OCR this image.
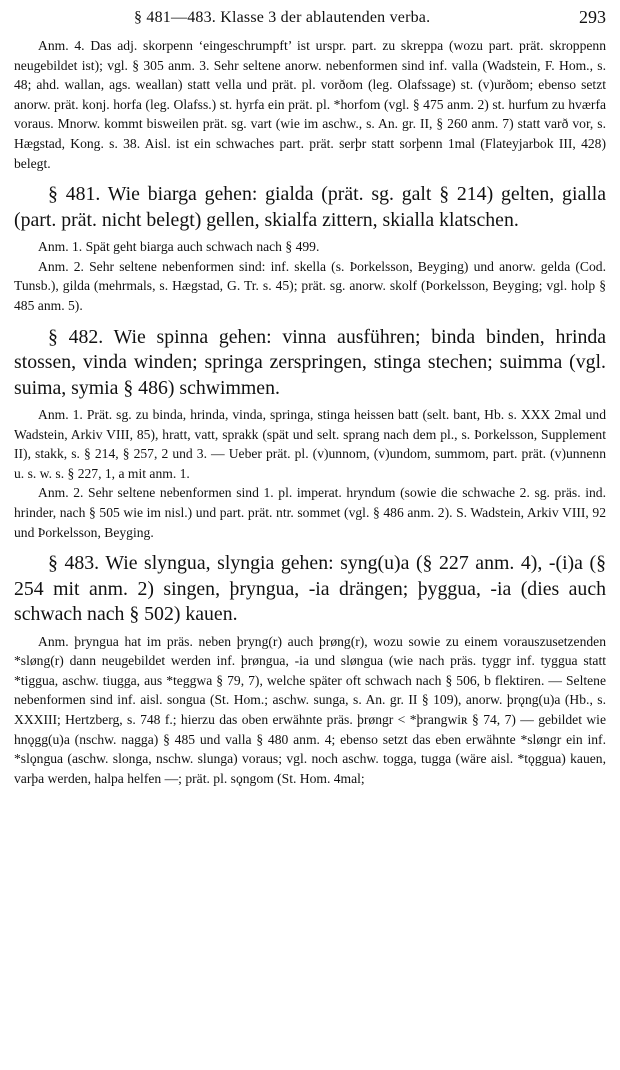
§ 481—483. Klasse 3 der ablautenden verba.	293

Anm. 4. Das adj. skorpenn ‘eingeschrumpft’ ist urspr. part. zu skreppa (wozu part. prät. skroppenn neugebildet ist); vgl. § 305 anm. 3. Sehr seltene anorw. nebenformen sind inf. valla (Wadstein, F. Hom., s. 48; ahd. wallan, ags. weallan) statt vella und prät. pl. vorðom (leg. Olafssage) st. (v)urðom; ebenso setzt anorw. prät. konj. horfa (leg. Olafss.) st. hyrfa ein prät. pl. *horfom (vgl. § 475 anm. 2) st. hurfum zu hværfa voraus. Mnorw. kommt bisweilen prät. sg. vart (wie im aschw., s. An. gr. II, § 260 anm. 7) statt varð vor, s. Hægstad, Kong. s. 38. Aisl. ist ein schwaches part. prät. serþr statt sorþenn 1mal (Flateyjarbok III, 428) belegt.

§ 481. Wie biarga gehen: gialda (prät. sg. galt § 214) gelten, gialla (part. prät. nicht belegt) gellen, skialfa zittern, skialla klatschen.

Anm. 1. Spät geht biarga auch schwach nach § 499.

Anm. 2. Sehr seltene nebenformen sind: inf. skella (s. Þorkelsson, Beyging) und anorw. gelda (Cod. Tunsb.), gilda (mehrmals, s. Hægstad, G. Tr. s. 45); prät. sg. anorw. skolf (Þorkelsson, Beyging; vgl. holp § 485 anm. 5).

§ 482. Wie spinna gehen: vinna ausführen; binda binden, hrinda stossen, vinda winden; springa zerspringen, stinga stechen; suimma (vgl. suima, symia § 486) schwimmen.

Anm. 1. Prät. sg. zu binda, hrinda, vinda, springa, stinga heissen batt (selt. bant, Hb. s. XXX 2mal und Wadstein, Arkiv VIII, 85), hratt, vatt, sprakk (spät und selt. sprang nach dem pl., s. Þorkelsson, Supplement II), stakk, s. § 214, § 257, 2 und 3. — Ueber prät. pl. (v)unnom, (v)undom, summom, part. prät. (v)unnenn u. s. w. s. § 227, 1, a mit anm. 1.

Anm. 2. Sehr seltene nebenformen sind 1. pl. imperat. hryndum (sowie die schwache 2. sg. präs. ind. hrinder, nach § 505 wie im nisl.) und part. prät. ntr. sommet (vgl. § 486 anm. 2). S. Wadstein, Arkiv VIII, 92 und Þorkelsson, Beyging.

§ 483. Wie slyngua, slyngia gehen: syng(u)a (§ 227 anm. 4), -(i)a (§ 254 mit anm. 2) singen, þryngua, -ia drängen; þyggua, -ia (dies auch schwach nach § 502) kauen.

Anm. þryngua hat im präs. neben þryng(r) auch þrøng(r), wozu sowie zu einem vorauszusetzenden *sløng(r) dann neugebildet werden inf. þrøngua, -ia und sløngua (wie nach präs. tyggr inf. tyggua statt *tiggua, aschw. tiugga, aus *teggwa § 79, 7), welche später oft schwach nach § 506, b flektiren. — Seltene nebenformen sind inf. aisl. songua (St. Hom.; aschw. sunga, s. An. gr. II § 109), anorw. þrǫng(u)a (Hb., s. XXXIII; Hertzberg, s. 748 f.; hierzu das oben erwähnte präs. þrøngr < *þrangwiʀ § 74, 7) — gebildet wie hnǫgg(u)a (nschw. nagga) § 485 und valla § 480 anm. 4; ebenso setzt das eben erwähnte *sløngr ein inf. *slǫngua (aschw. slonga, nschw. slunga) voraus; vgl. noch aschw. togga, tugga (wäre aisl. *tǫggua) kauen, varþa werden, halpa helfen —; prät. pl. sǫngom (St. Hom. 4mal;
